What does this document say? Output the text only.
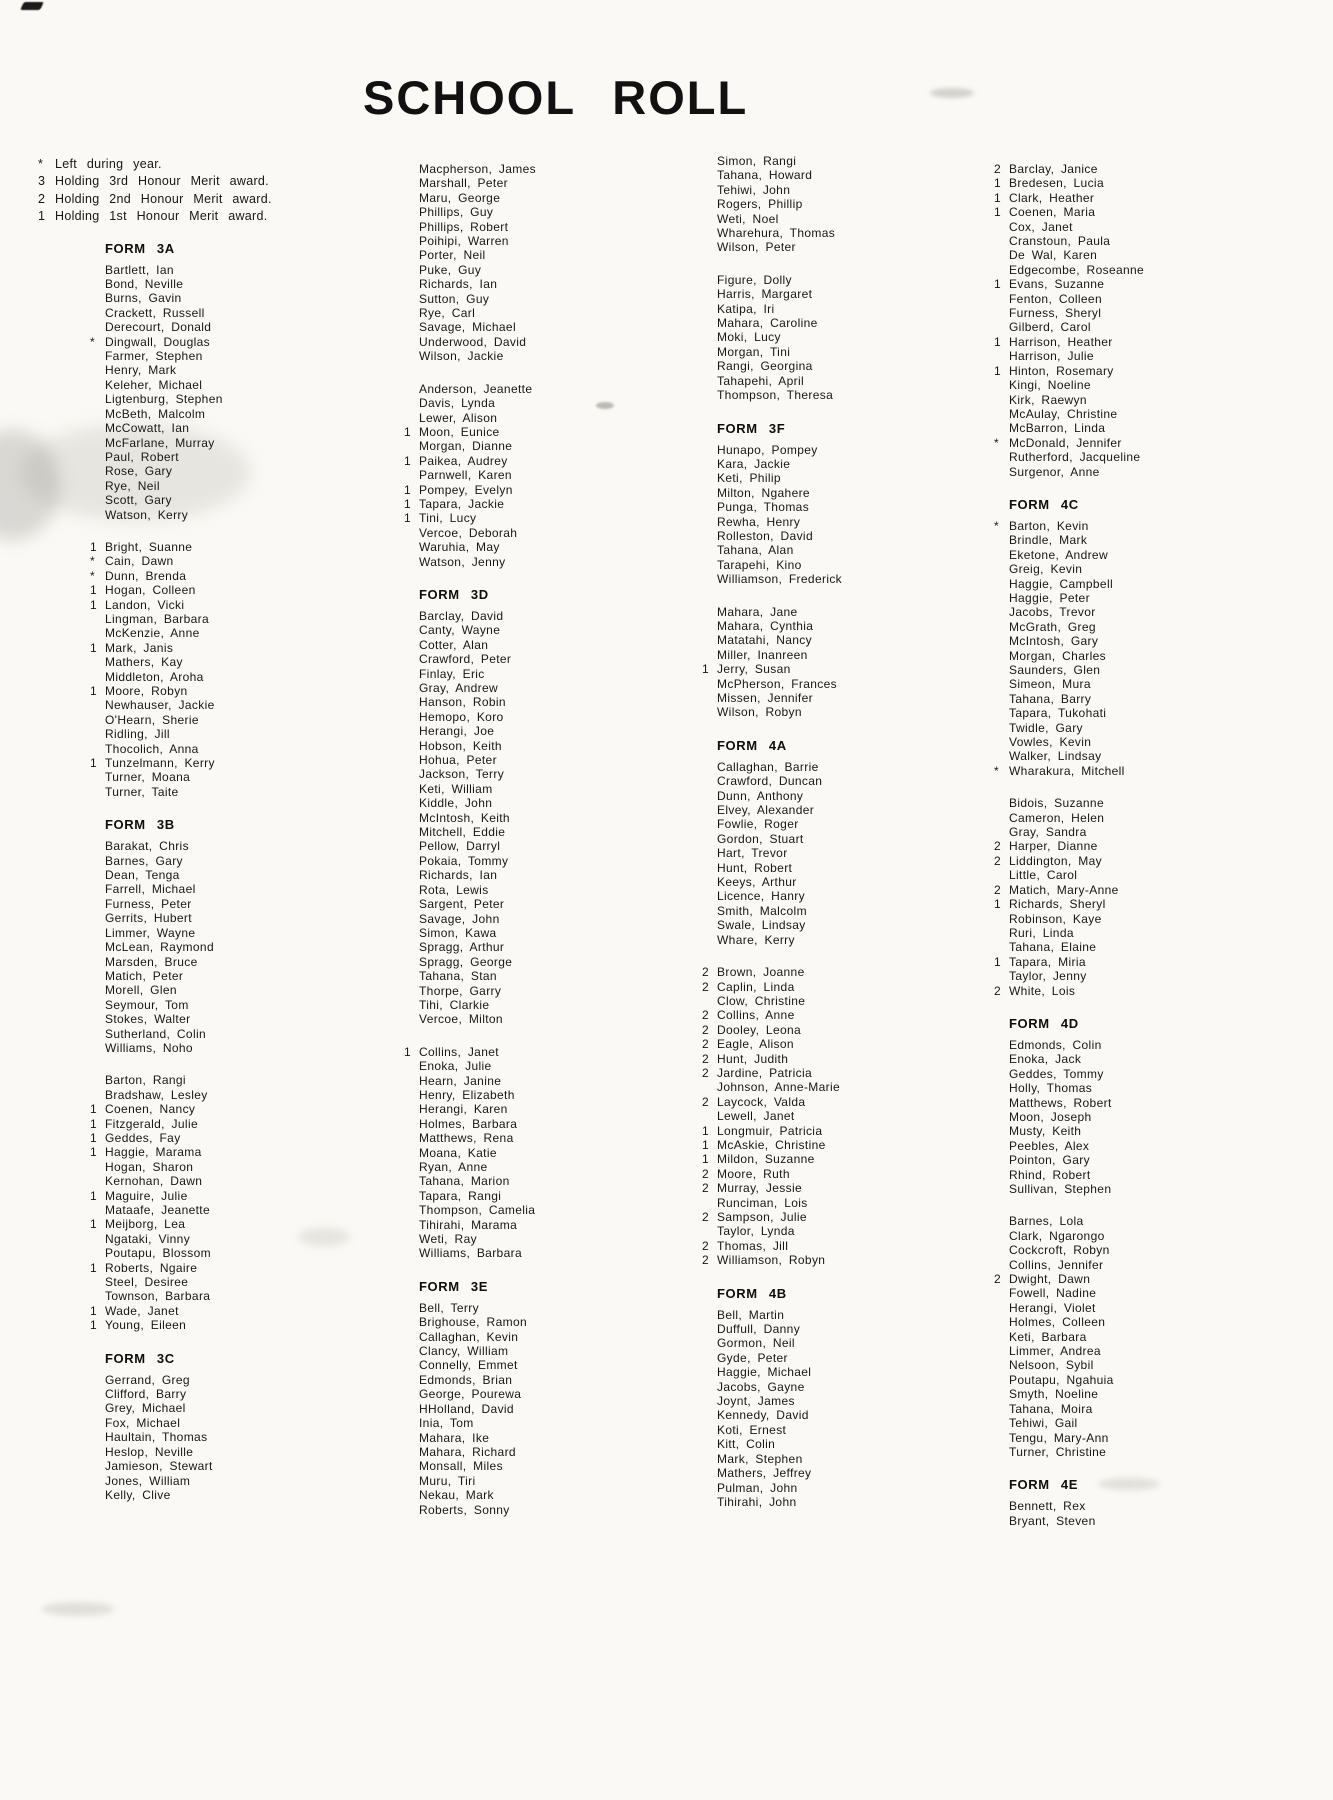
SCHOOL ROLL
* Left during year.
3 Holding 3rd Honour Merit award.
2 Holding 2nd Honour Merit award.
1 Holding 1st Honour Merit award.
FORM 3A
Bartlett, Ian
Bond, Neville
Burns, Gavin
Crackett, Russell
Derecourt, Donald
* Dingwall, Douglas
Farmer, Stephen
Henry, Mark
Keleher, Michael
Ligtenburg, Stephen
McBeth, Malcolm
McCowatt, Ian
McFarlane, Murray
Paul, Robert
Rose, Gary
Rye, Neil
Scott, Gary
Watson, Kerry
1 Bright, Suanne
* Cain, Dawn
* Dunn, Brenda
1 Hogan, Colleen
1 Landon, Vicki
Lingman, Barbara
McKenzie, Anne
1 Mark, Janis
Mathers, Kay
Middleton, Aroha
1 Moore, Robyn
Newhauser, Jackie
O'Hearn, Sherie
Ridling, Jill
Thocolich, Anna
1 Tunzelmann, Kerry
Turner, Moana
Turner, Taite
FORM 3B
Barakat, Chris
Barnes, Gary
Dean, Tenga
Farrell, Michael
Furness, Peter
Gerrits, Hubert
Limmer, Wayne
McLean, Raymond
Marsden, Bruce
Matich, Peter
Morell, Glen
Seymour, Tom
Stokes, Walter
Sutherland, Colin
Williams, Noho
Barton, Rangi
Bradshaw, Lesley
1 Coenen, Nancy
1 Fitzgerald, Julie
1 Geddes, Fay
1 Haggie, Marama
Hogan, Sharon
Kernohan, Dawn
1 Maguire, Julie
Mataafe, Jeanette
1 Meijborg, Lea
Ngataki, Vinny
Poutapu, Blossom
1 Roberts, Ngaire
Steel, Desiree
Townson, Barbara
1 Wade, Janet
1 Young, Eileen
FORM 3C
Gerrand, Greg
Clifford, Barry
Grey, Michael
Fox, Michael
Haultain, Thomas
Heslop, Neville
Jamieson, Stewart
Jones, William
Kelly, Clive
Macpherson, James
Marshall, Peter
Maru, George
Phillips, Guy
Phillips, Robert
Poihipi, Warren
Porter, Neil
Puke, Guy
Richards, Ian
Sutton, Guy
Rye, Carl
Savage, Michael
Underwood, David
Wilson, Jackie
Anderson, Jeanette
Davis, Lynda
Lewer, Alison
1 Moon, Eunice
Morgan, Dianne
1 Paikea, Audrey
Parnwell, Karen
1 Pompey, Evelyn
1 Tapara, Jackie
1 Tini, Lucy
Vercoe, Deborah
Waruhia, May
Watson, Jenny
FORM 3D
Barclay, David
Canty, Wayne
Cotter, Alan
Crawford, Peter
Finlay, Eric
Gray, Andrew
Hanson, Robin
Hemopo, Koro
Herangi, Joe
Hobson, Keith
Hohua, Peter
Jackson, Terry
Keti, William
Kiddle, John
McIntosh, Keith
Mitchell, Eddie
Pellow, Darryl
Pokaia, Tommy
Richards, Ian
Rota, Lewis
Sargent, Peter
Savage, John
Simon, Kawa
Spragg, Arthur
Spragg, George
Tahana, Stan
Thorpe, Garry
Tihi, Clarkie
Vercoe, Milton
1 Collins, Janet
Enoka, Julie
Hearn, Janine
Henry, Elizabeth
Herangi, Karen
Holmes, Barbara
Matthews, Rena
Moana, Katie
Ryan, Anne
Tahana, Marion
Tapara, Rangi
Thompson, Camelia
Tihirahi, Marama
Weti, Ray
Williams, Barbara
FORM 3E
Bell, Terry
Brighouse, Ramon
Callaghan, Kevin
Clancy, William
Connelly, Emmet
Edmonds, Brian
George, Pourewa
HHolland, David
Inia, Tom
Mahara, Ike
Mahara, Richard
Monsall, Miles
Muru, Tiri
Nekau, Mark
Roberts, Sonny
Simon, Rangi
Tahana, Howard
Tehiwi, John
Rogers, Phillip
Weti, Noel
Wharehura, Thomas
Wilson, Peter
Figure, Dolly
Harris, Margaret
Katipa, Iri
Mahara, Caroline
Moki, Lucy
Morgan, Tini
Rangi, Georgina
Tahapehi, April
Thompson, Theresa
FORM 3F
Hunapo, Pompey
Kara, Jackie
Keti, Philip
Milton, Ngahere
Punga, Thomas
Rewha, Henry
Rolleston, David
Tahana, Alan
Tarapehi, Kino
Williamson, Frederick
Mahara, Jane
Mahara, Cynthia
Matatahi, Nancy
Miller, Inanreen
1 Jerry, Susan
McPherson, Frances
Missen, Jennifer
Wilson, Robyn
FORM 4A
Callaghan, Barrie
Crawford, Duncan
Dunn, Anthony
Elvey, Alexander
Fowlie, Roger
Gordon, Stuart
Hart, Trevor
Hunt, Robert
Keeys, Arthur
Licence, Hanry
Smith, Malcolm
Swale, Lindsay
Whare, Kerry
2 Brown, Joanne
2 Caplin, Linda
Clow, Christine
2 Collins, Anne
2 Dooley, Leona
2 Eagle, Alison
2 Hunt, Judith
2 Jardine, Patricia
Johnson, Anne-Marie
2 Laycock, Valda
Lewell, Janet
1 Longmuir, Patricia
1 McAskie, Christine
1 Mildon, Suzanne
2 Moore, Ruth
2 Murray, Jessie
Runciman, Lois
2 Sampson, Julie
Taylor, Lynda
2 Thomas, Jill
2 Williamson, Robyn
FORM 4B
Bell, Martin
Duffull, Danny
Gormon, Neil
Gyde, Peter
Haggie, Michael
Jacobs, Gayne
Joynt, James
Kennedy, David
Koti, Ernest
Kitt, Colin
Mark, Stephen
Mathers, Jeffrey
Pulman, John
Tihirahi, John
2 Barclay, Janice
1 Bredesen, Lucia
1 Clark, Heather
1 Coenen, Maria
Cox, Janet
Cranstoun, Paula
De Wal, Karen
Edgecombe, Roseanne
1 Evans, Suzanne
Fenton, Colleen
Furness, Sheryl
Gilberd, Carol
1 Harrison, Heather
Harrison, Julie
1 Hinton, Rosemary
Kingi, Noeline
Kirk, Raewyn
McAulay, Christine
McBarron, Linda
* McDonald, Jennifer
Rutherford, Jacqueline
Surgenor, Anne
FORM 4C
* Barton, Kevin
Brindle, Mark
Eketone, Andrew
Greig, Kevin
Haggie, Campbell
Haggie, Peter
Jacobs, Trevor
McGrath, Greg
McIntosh, Gary
Morgan, Charles
Saunders, Glen
Simeon, Mura
Tahana, Barry
Tapara, Tukohati
Twidle, Gary
Vowles, Kevin
Walker, Lindsay
* Wharakura, Mitchell
Bidois, Suzanne
Cameron, Helen
Gray, Sandra
2 Harper, Dianne
2 Liddington, May
Little, Carol
2 Matich, Mary-Anne
1 Richards, Sheryl
Robinson, Kaye
Ruri, Linda
Tahana, Elaine
1 Tapara, Miria
Taylor, Jenny
2 White, Lois
FORM 4D
Edmonds, Colin
Enoka, Jack
Geddes, Tommy
Holly, Thomas
Matthews, Robert
Moon, Joseph
Musty, Keith
Peebles, Alex
Pointon, Gary
Rhind, Robert
Sullivan, Stephen
Barnes, Lola
Clark, Ngarongo
Cockcroft, Robyn
Collins, Jennifer
2 Dwight, Dawn
Fowell, Nadine
Herangi, Violet
Holmes, Colleen
Keti, Barbara
Limmer, Andrea
Nelsoon, Sybil
Poutapu, Ngahuia
Smyth, Noeline
Tahana, Moira
Tehiwi, Gail
Tengu, Mary-Ann
Turner, Christine
FORM 4E
Bennett, Rex
Bryant, Steven
